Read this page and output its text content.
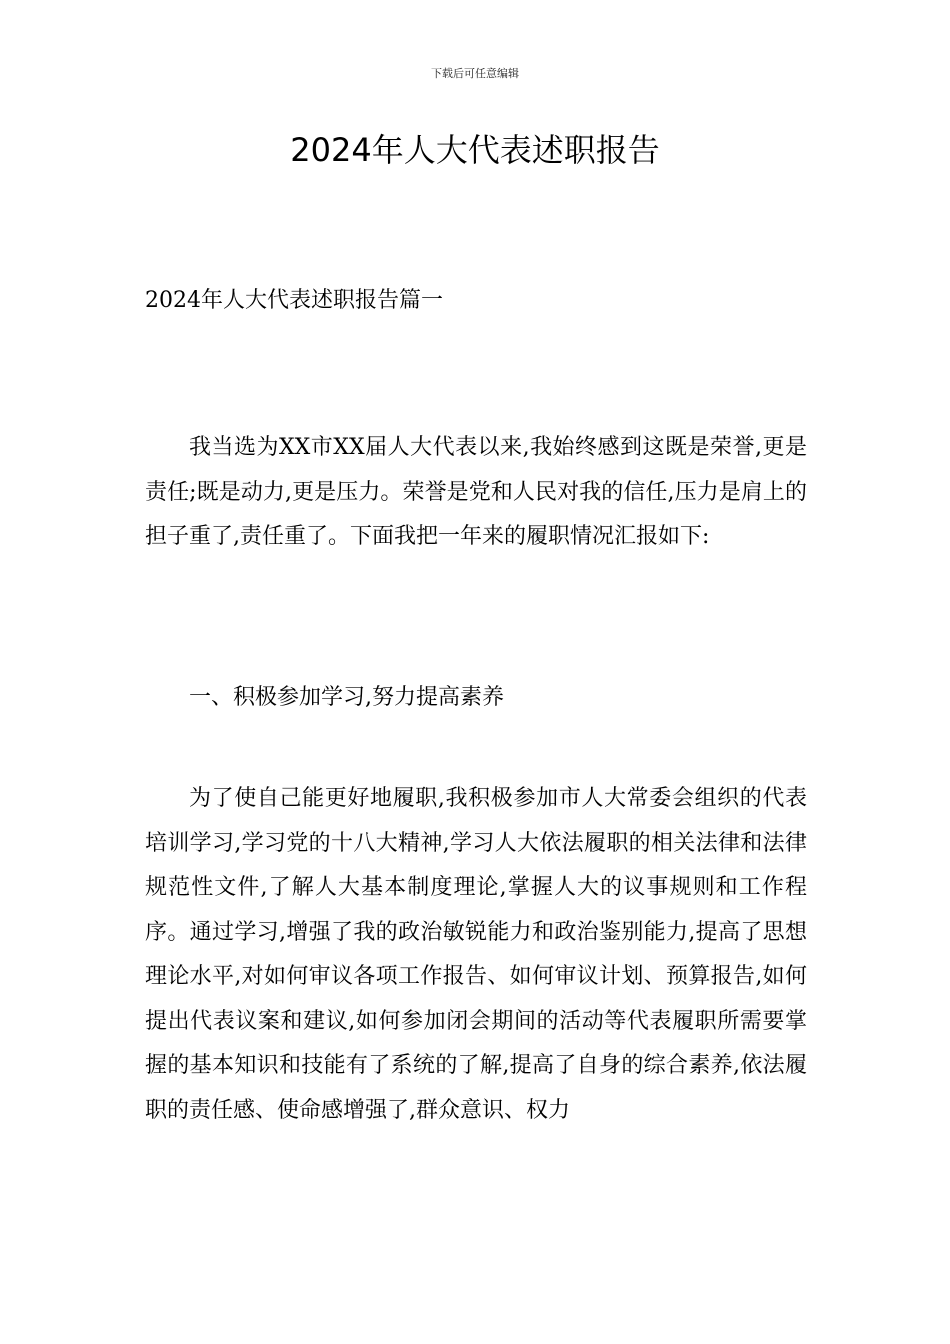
下载后可任意编辑
2024年人大代表述职报告
2024年人大代表述职报告篇一

我当选为XX市XX届人大代表以来,我始终感到这既是荣誉,更是责任;既是动力,更是压力。荣誉是党和人民对我的信任,压力是肩上的担子重了,责任重了。下面我把一年来的履职情况汇报如下:

一、积极参加学习,努力提高素养

为了使自己能更好地履职,我积极参加市人大常委会组织的代表培训学习,学习党的十八大精神,学习人大依法履职的相关法律和法律规范性文件,了解人大基本制度理论,掌握人大的议事规则和工作程序。通过学习,增强了我的政治敏锐能力和政治鉴别能力,提高了思想理论水平,对如何审议各项工作报告、如何审议计划、预算报告,如何提出代表议案和建议,如何参加闭会期间的活动等代表履职所需要掌握的基本知识和技能有了系统的了解,提高了自身的综合素养,依法履职的责任感、使命感增强了,群众意识、权力
